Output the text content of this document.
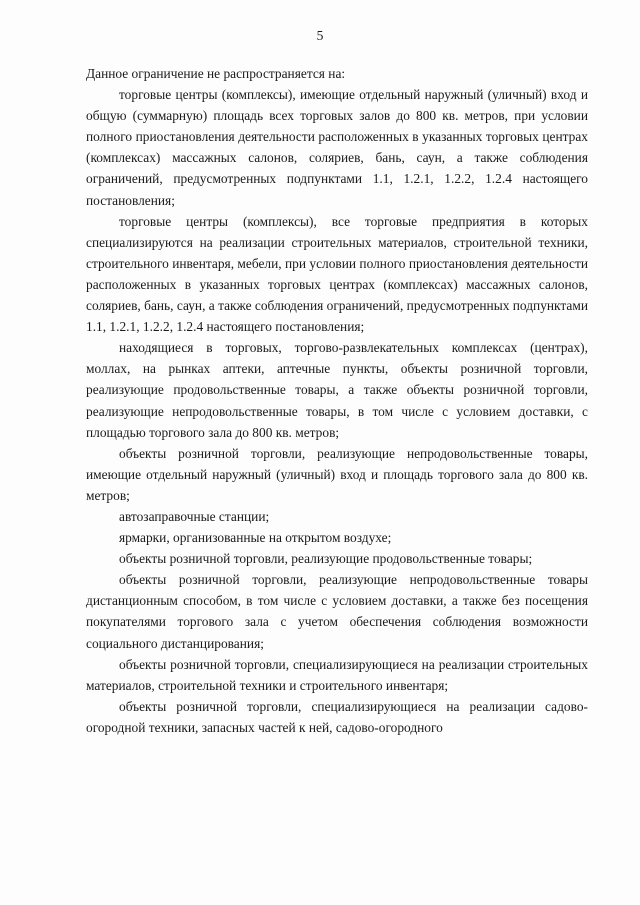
5

Данное ограничение не распространяется на:

торговые центры (комплексы), имеющие отдельный наружный (уличный) вход и общую (суммарную) площадь всех торговых залов до 800 кв. метров, при условии полного приостановления деятельности расположенных в указанных торговых центрах (комплексах) массажных салонов, соляриев, бань, саун, а также соблюдения ограничений, предусмотренных подпунктами 1.1, 1.2.1, 1.2.2, 1.2.4 настоящего постановления;

торговые центры (комплексы), все торговые предприятия в которых специализируются на реализации строительных материалов, строительной техники, строительного инвентаря, мебели, при условии полного приостановления деятельности расположенных в указанных торговых центрах (комплексах) массажных салонов, соляриев, бань, саун, а также соблюдения ограничений, предусмотренных подпунктами 1.1, 1.2.1, 1.2.2, 1.2.4 настоящего постановления;

находящиеся в торговых, торгово-развлекательных комплексах (центрах), моллах, на рынках аптеки, аптечные пункты, объекты розничной торговли, реализующие продовольственные товары, а также объекты розничной торговли, реализующие непродовольственные товары, в том числе с условием доставки, с площадью торгового зала до 800 кв. метров;

объекты розничной торговли, реализующие непродовольственные товары, имеющие отдельный наружный (уличный) вход и площадь торгового зала до 800 кв. метров;

автозаправочные станции;

ярмарки, организованные на открытом воздухе;

объекты розничной торговли, реализующие продовольственные товары;

объекты розничной торговли, реализующие непродовольственные товары дистанционным способом, в том числе с условием доставки, а также без посещения покупателями торгового зала с учетом обеспечения соблюдения возможности социального дистанцирования;

объекты розничной торговли, специализирующиеся на реализации строительных материалов, строительной техники и строительного инвентаря;

объекты розничной торговли, специализирующиеся на реализации садово-огородной техники, запасных частей к ней, садово-огородного
